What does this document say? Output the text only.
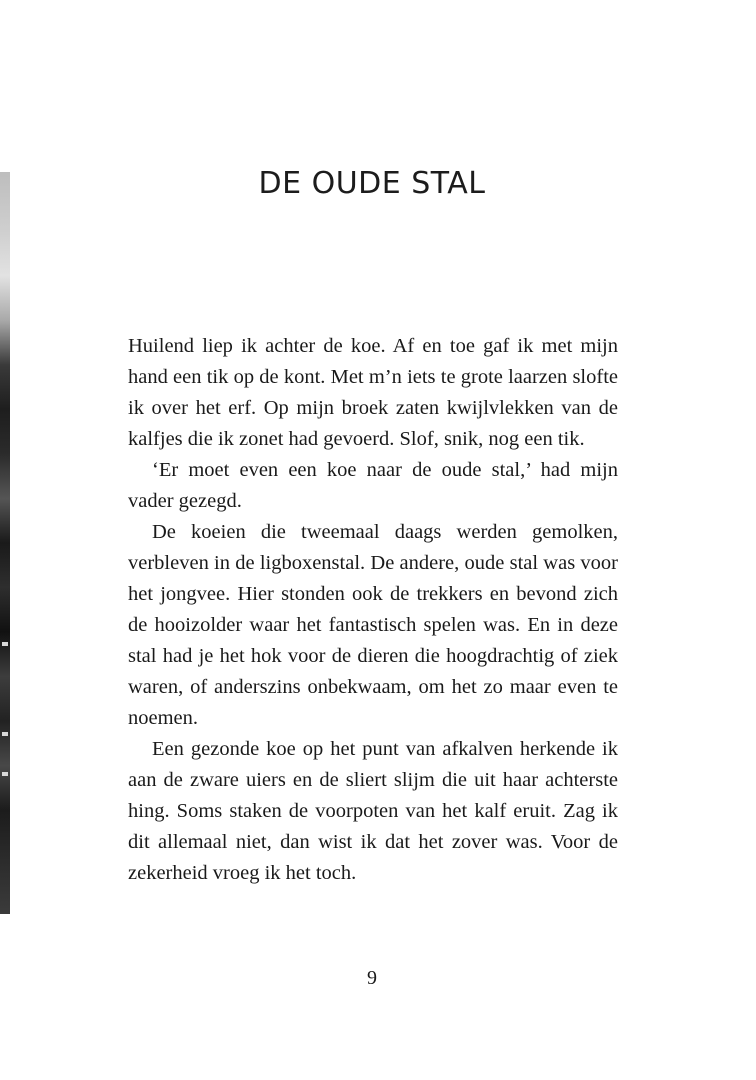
DE OUDE STAL

Huilend liep ik achter de koe. Af en toe gaf ik met mijn hand een tik op de kont. Met m’n iets te grote laarzen slofte ik over het erf. Op mijn broek zaten kwijlvlekken van de kalfjes die ik zonet had gevoerd. Slof, snik, nog een tik.

‘Er moet even een koe naar de oude stal,’ had mijn vader gezegd.

De koeien die tweemaal daags werden gemolken, verbleven in de ligboxenstal. De andere, oude stal was voor het jongvee. Hier stonden ook de trekkers en bevond zich de hooizolder waar het fantastisch spelen was. En in deze stal had je het hok voor de dieren die hoogdrachtig of ziek waren, of anderszins onbekwaam, om het zo maar even te noemen.

Een gezonde koe op het punt van afkalven herkende ik aan de zware uiers en de sliert slijm die uit haar achterste hing. Soms staken de voorpoten van het kalf eruit. Zag ik dit allemaal niet, dan wist ik dat het zover was. Voor de zekerheid vroeg ik het toch.

9
